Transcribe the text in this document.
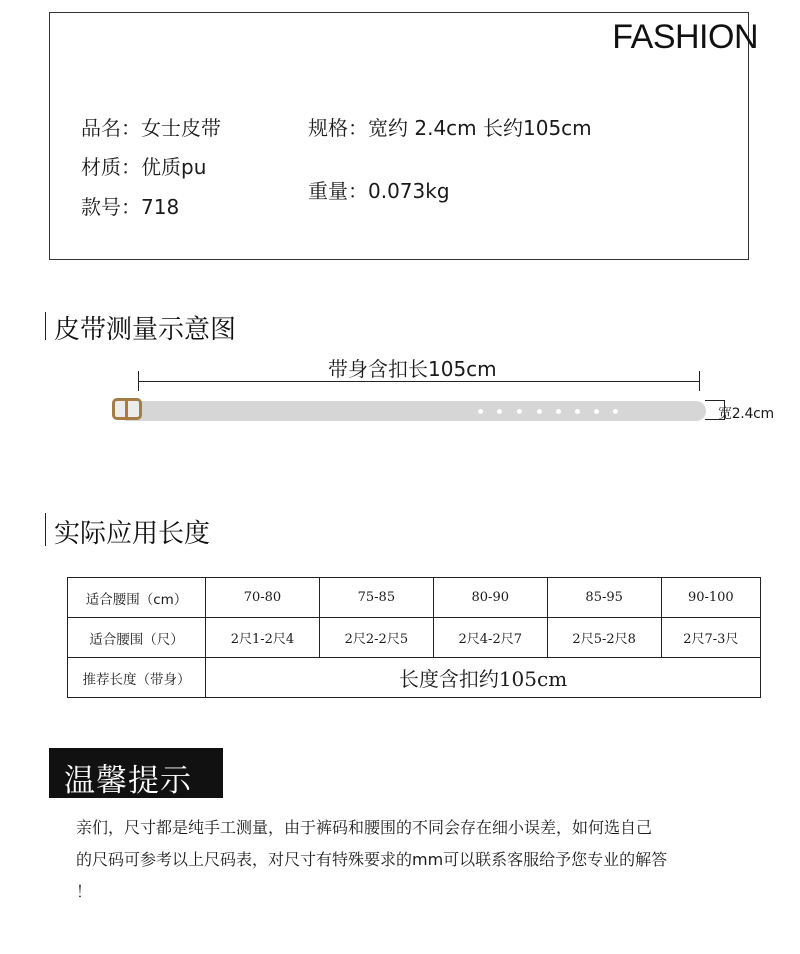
FASHION
品名：女士皮带
材质：优质pu
款号：718
规格：宽约 2.4cm 长约105cm
重量：0.073kg
皮带测量示意图
带身含扣长105cm
宽2.4cm
实际应用长度
适合腰围（cm）	70-80	75-85	80-90	85-95	90-100
适合腰围（尺）	2尺1-2尺4	2尺2-2尺5	2尺4-2尺7	2尺5-2尺8	2尺7-3尺
推荐长度（带身）	长度含扣约105cm				
温馨提示
亲们，尺寸都是纯手工测量，由于裤码和腰围的不同会存在细小误差，如何选自己
的尺码可参考以上尺码表，对尺寸有特殊要求的mm可以联系客服给予您专业的解答
！
